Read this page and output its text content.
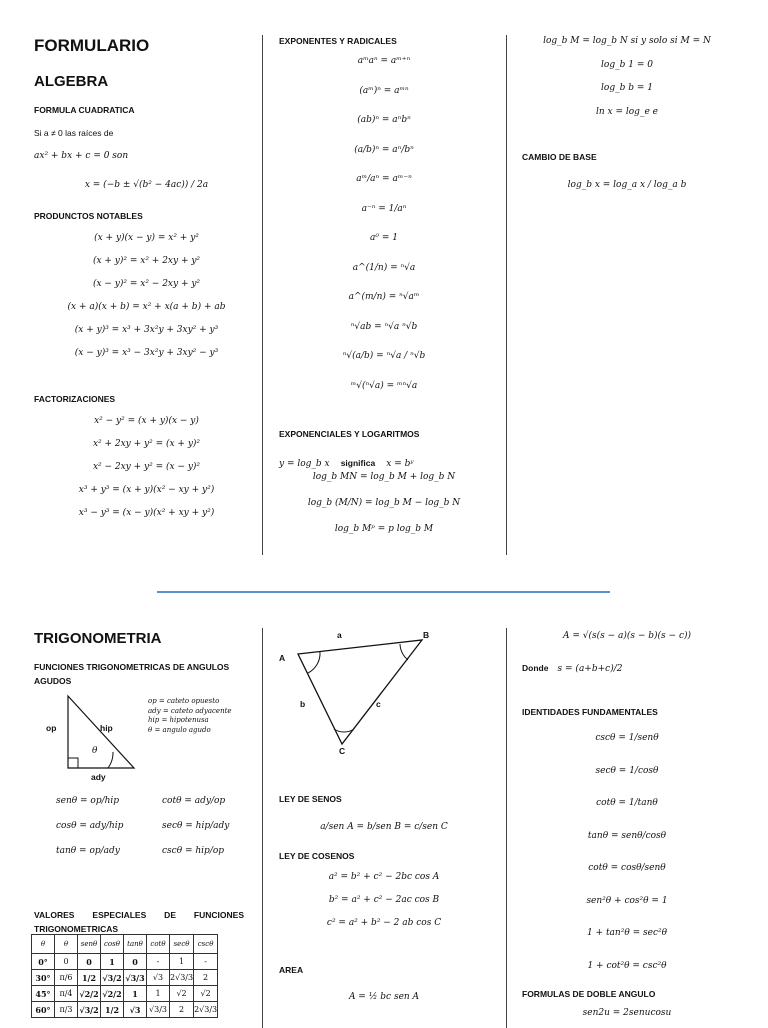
FORMULARIO
ALGEBRA
FORMULA CUADRATICA
Si a ≠ 0 las raíces de
ax² + bx + c = 0 son
x = (−b ± √(b² − 4ac)) / 2a
PRODUNCTOS NOTABLES
(x + y)(x − y) = x² + y²
(x + y)² = x² + 2xy + y²
(x − y)² = x² − 2xy + y²
(x + a)(x + b) = x² + x(a + b) + ab
(x + y)³ = x³ + 3x²y + 3xy² + y³
(x − y)³ = x³ − 3x²y + 3xy² − y³
FACTORIZACIONES
x² − y² = (x + y)(x − y)
x² + 2xy + y² = (x + y)²
x² − 2xy + y² = (x − y)²
x³ + y³ = (x + y)(x² − xy + y²)
x³ − y³ = (x − y)(x² + xy + y²)
EXPONENTES Y RADICALES
aᵐaⁿ = aᵐ⁺ⁿ
(aᵐ)ⁿ = aᵐⁿ
(ab)ⁿ = aⁿbⁿ
(a/b)ⁿ = aⁿ/bⁿ
aᵐ/aⁿ = aᵐ⁻ⁿ
a⁻ⁿ = 1/aⁿ
a⁰ = 1
a^(1/n) = ⁿ√a
a^(m/n) = ⁿ√aᵐ
ⁿ√ab = ⁿ√a ⁿ√b
ⁿ√(a/b) = ⁿ√a / ⁿ√b
ᵐ√(ⁿ√a) = ᵐⁿ√a
EXPONENCIALES Y LOGARITMOS
y = log_b x significa x = bʸ
log_b MN = log_b M + log_b N
log_b (M/N) = log_b M − log_b N
log_b Mᵖ = p log_b M
log_b M = log_b N si y solo si M = N
log_b 1 = 0
log_b b = 1
ln x = log_e e
CAMBIO DE BASE
log_b x = log_a x / log_a b
TRIGONOMETRIA
FUNCIONES TRIGONOMETRICAS DE ANGULOS AGUDOS
op	hip
ady
θ
op = cateto opuesto
ady = cateto adyacente
hip = hipotenusa
θ = angulo agudo
senθ = op/hip
cosθ = ady/hip
tanθ = op/ady
cotθ = ady/op
secθ = hip/ady
cscθ = hip/op
VALORES ESPECIALES DE FUNCIONES TRIGONOMETRICAS
θ	θ	senθ	cosθ	tanθ	cotθ	secθ	cscθ
0°	0	0	1	0	-	1	-
30°	π/6	1/2	√3/2	√3/3	√3	2√3/3	2
45°	π/4	√2/2	√2/2	1	1	√2	√2
60°	π/3	√3/2	1/2	√3	√3/3	2	2√3/3
A
B
C
a
b	c
LEY DE SENOS
a/sen A = b/sen B = c/sen C
LEY DE COSENOS
a² = b² + c² − 2bc cos A
b² = a² + c² − 2ac cos B
c² = a² + b² − 2 ab cos C
AREA
A = ½ bc sen A
A = √(s(s − a)(s − b)(s − c))
Donde s = (a+b+c)/2
IDENTIDADES FUNDAMENTALES
cscθ = 1/senθ
secθ = 1/cosθ
cotθ = 1/tanθ
tanθ = senθ/cosθ
cotθ = cosθ/senθ
sen²θ + cos²θ = 1
1 + tan²θ = sec²θ
1 + cot²θ = csc²θ
FORMULAS DE DOBLE ANGULO
sen2u = 2senucosu
